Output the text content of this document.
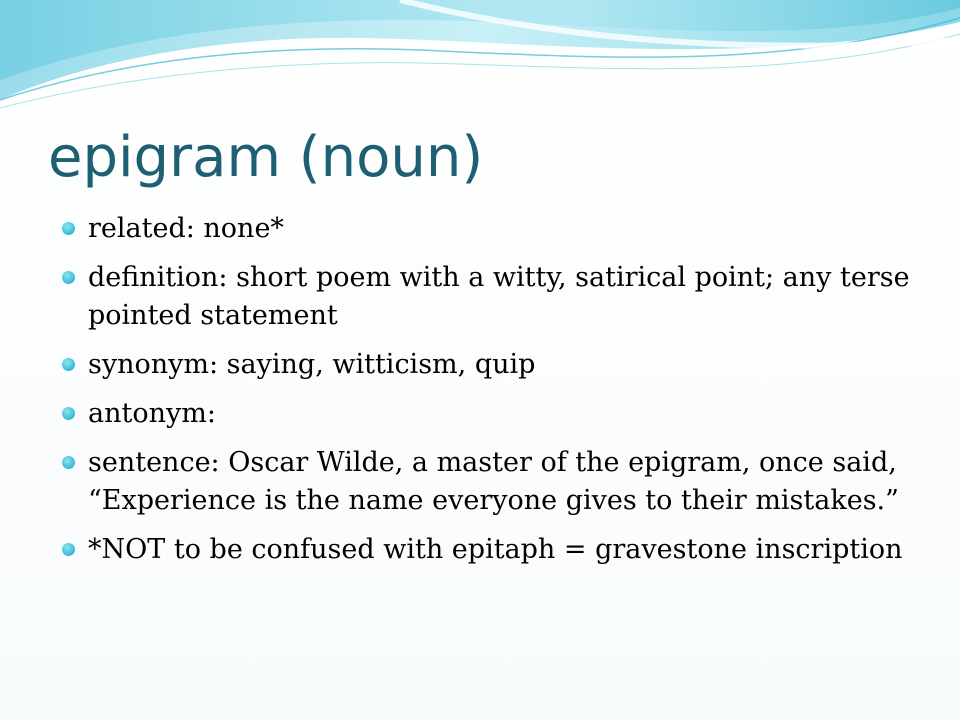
epigram (noun)
related: none*
definition: short poem with a witty, satirical point; any terse pointed statement
synonym: saying, witticism, quip
antonym:
sentence: Oscar Wilde, a master of the epigram, once said, “Experience is the name everyone gives to their mistakes.”
*NOT to be confused with epitaph = gravestone inscription
